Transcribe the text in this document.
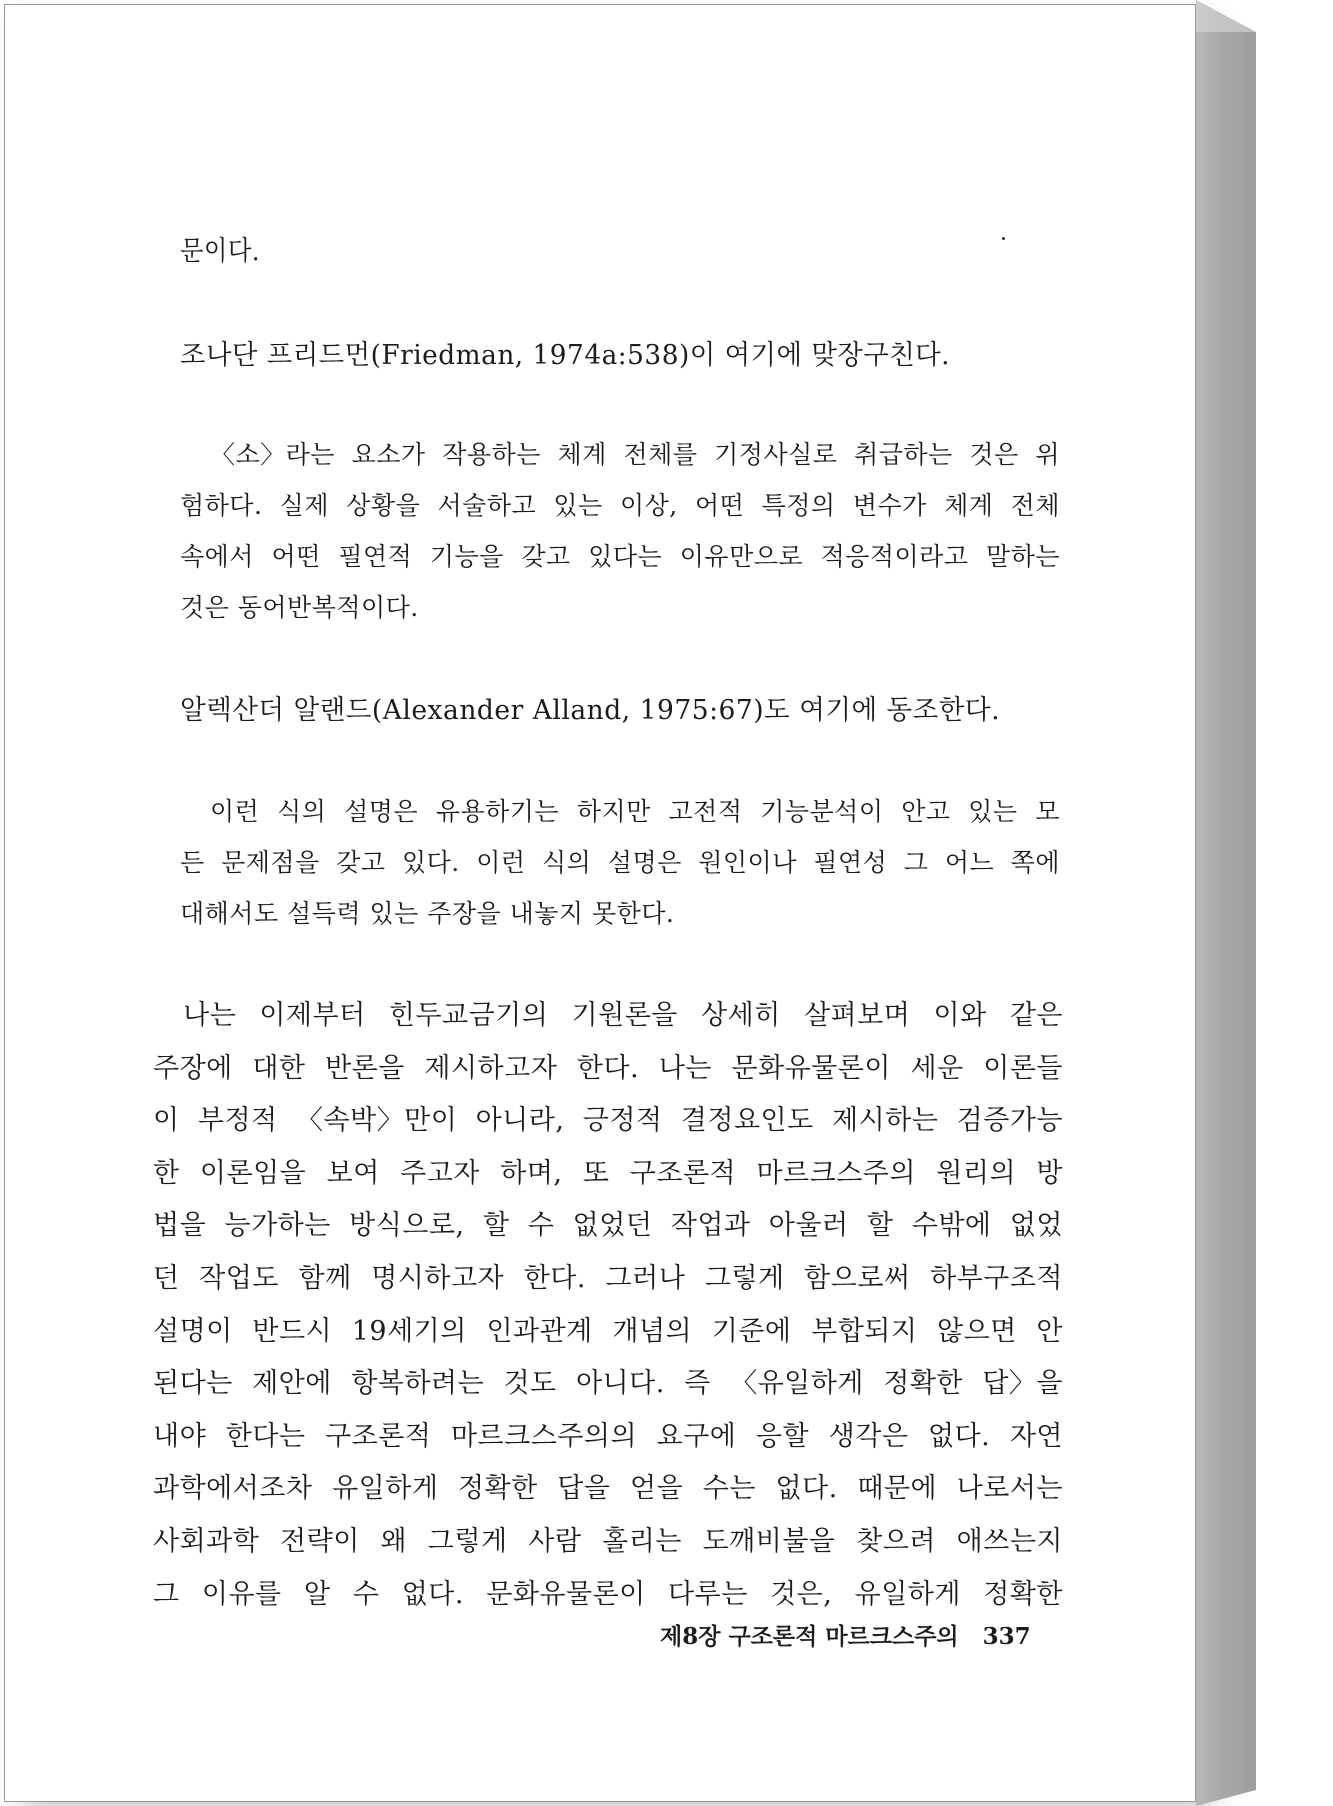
문이다.
조나단 프리드먼(Friedman, 1974a:538)이 여기에 맞장구친다.
〈소〉라는 요소가 작용하는 체계 전체를 기정사실로 취급하는 것은 위
험하다. 실제 상황을 서술하고 있는 이상, 어떤 특정의 변수가 체계 전체
속에서 어떤 필연적 기능을 갖고 있다는 이유만으로 적응적이라고 말하는
것은 동어반복적이다.
알렉산더 알랜드(Alexander Alland, 1975:67)도 여기에 동조한다.
이런 식의 설명은 유용하기는 하지만 고전적 기능분석이 안고 있는 모
든 문제점을 갖고 있다. 이런 식의 설명은 원인이나 필연성 그 어느 쪽에
대해서도 설득력 있는 주장을 내놓지 못한다.
나는 이제부터 힌두교금기의 기원론을 상세히 살펴보며 이와 같은
주장에 대한 반론을 제시하고자 한다. 나는 문화유물론이 세운 이론들
이 부정적 〈속박〉만이 아니라, 긍정적 결정요인도 제시하는 검증가능
한 이론임을 보여 주고자 하며, 또 구조론적 마르크스주의 원리의 방
법을 능가하는 방식으로, 할 수 없었던 작업과 아울러 할 수밖에 없었
던 작업도 함께 명시하고자 한다. 그러나 그렇게 함으로써 하부구조적
설명이 반드시 19세기의 인과관계 개념의 기준에 부합되지 않으면 안
된다는 제안에 항복하려는 것도 아니다. 즉 〈유일하게 정확한 답〉을
내야 한다는 구조론적 마르크스주의의 요구에 응할 생각은 없다. 자연
과학에서조차 유일하게 정확한 답을 얻을 수는 없다. 때문에 나로서는
사회과학 전략이 왜 그렇게 사람 홀리는 도깨비불을 찾으려 애쓰는지
그 이유를 알 수 없다. 문화유물론이 다루는 것은, 유일하게 정확한
제8장 구조론적 마르크스주의 337
